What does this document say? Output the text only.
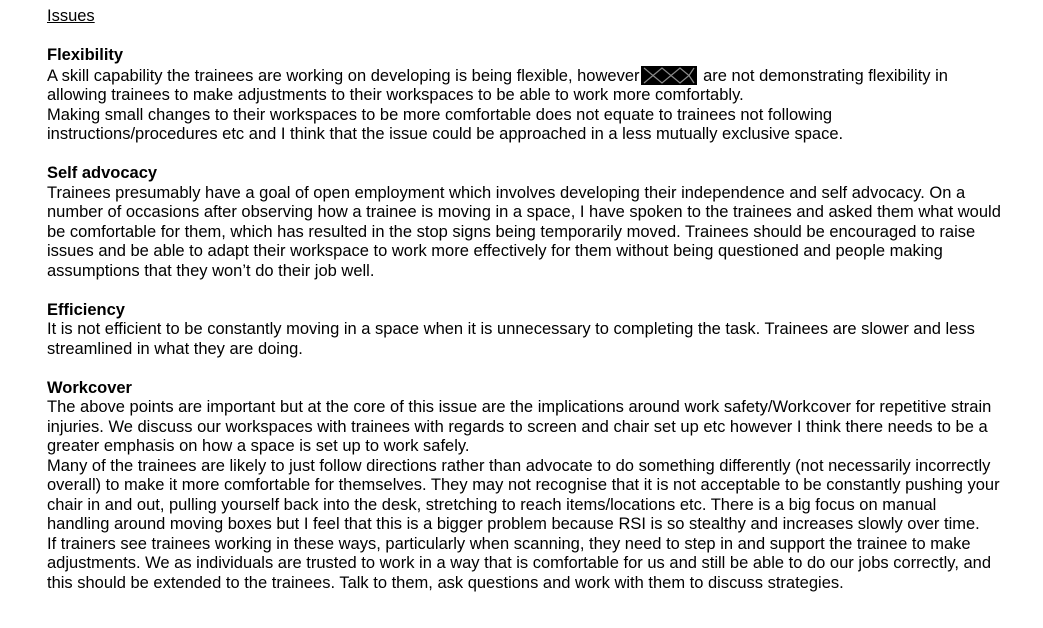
Issues
Flexibility

A skill capability the trainees are working on developing is being flexible, however	are not demonstrating flexibility in allowing trainees to make adjustments to their workspaces to be able to work more comfortably.

Making small changes to their workspaces to be more comfortable does not equate to trainees not following instructions/procedures etc and I think that the issue could be approached in a less mutually exclusive space.

Self advocacy

Trainees presumably have a goal of open employment which involves developing their independence and self advocacy. On a number of occasions after observing how a trainee is moving in a space, I have spoken to the trainees and asked them what would be comfortable for them, which has resulted in the stop signs being temporarily moved. Trainees should be encouraged to raise issues and be able to adapt their workspace to work more effectively for them without being questioned and people making assumptions that they won’t do their job well.

Efficiency

It is not efficient to be constantly moving in a space when it is unnecessary to completing the task. Trainees are slower and less streamlined in what they are doing.

Workcover

The above points are important but at the core of this issue are the implications around work safety/Workcover for repetitive strain injuries. We discuss our workspaces with trainees with regards to screen and chair set up etc however I think there needs to be a greater emphasis on how a space is set up to work safely.

Many of the trainees are likely to just follow directions rather than advocate to do something differently (not necessarily incorrectly overall) to make it more comfortable for themselves. They may not recognise that it is not acceptable to be constantly pushing your chair in and out, pulling yourself back into the desk, stretching to reach items/locations etc. There is a big focus on manual handling around moving boxes but I feel that this is a bigger problem because RSI is so stealthy and increases slowly over time.

If trainers see trainees working in these ways, particularly when scanning, they need to step in and support the trainee to make adjustments. We as individuals are trusted to work in a way that is comfortable for us and still be able to do our jobs correctly, and this should be extended to the trainees. Talk to them, ask questions and work with them to discuss strategies.
